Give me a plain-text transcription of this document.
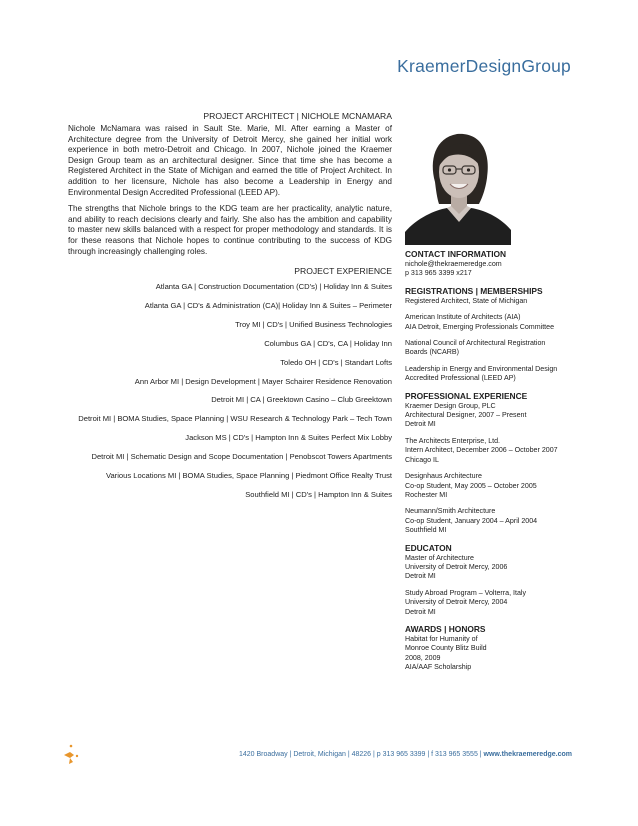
KraemerDesignGroup
PROJECT ARCHITECT | NICHOLE MCNAMARA

Nichole McNamara was raised in Sault Ste. Marie, MI. After earning a Master of Architecture degree from the University of Detroit Mercy, she gained her initial work experience in both metro-Detroit and Chicago. In 2007, Nichole joined the Kraemer Design Group team as an architectural designer. Since that time she has become a Registered Architect in the State of Michigan and earned the title of Project Architect. In addition to her licensure, Nichole has also become a Leadership in Energy and Environmental Design Accredited Professional (LEED AP).

The strengths that Nichole brings to the KDG team are her practicality, analytic nature, and ability to reach decisions clearly and fairly. She also has the ambition and capability to master new skills balanced with a respect for proper methodology and standards. It is for these reasons that Nichole hopes to continue contributing to the success of KDG through increasingly challenging roles.

PROJECT EXPERIENCE
Atlanta GA | Construction Documentation (CD's) | Holiday Inn & Suites
Atlanta GA | CD's & Administration (CA)| Holiday Inn & Suites – Perimeter
Troy MI | CD's | Unified Business Technologies
Columbus GA | CD's, CA | Holiday Inn
Toledo OH | CD's | Standart Lofts
Ann Arbor MI | Design Development | Mayer Schairer Residence Renovation
Detroit MI | CA | Greektown Casino – Club Greektown
Detroit MI | BOMA Studies, Space Planning | WSU Research & Technology Park – Tech Town
Jackson MS | CD's | Hampton Inn & Suites Perfect Mix Lobby
Detroit MI | Schematic Design and Scope Documentation | Penobscot Towers Apartments
Various Locations MI | BOMA Studies, Space Planning | Piedmont Office Realty Trust
Southfield MI | CD's | Hampton Inn & Suites

CONTACT INFORMATION

nichole@thekraemeredge.com

p 313 965 3399 x217

REGISTRATIONS | MEMBERSHIPS

Registered Architect, State of Michigan

American Institute of Architects (AIA)

AIA Detroit, Emerging Professionals Committee

National Council of Architectural Registration

Boards (NCARB)

Leadership in Energy and Environmental Design

Accredited Professional (LEED AP)

PROFESSIONAL EXPERIENCE

Kraemer Design Group, PLC

Architectural Designer, 2007 – Present

Detroit MI

The Architects Enterprise, Ltd.

Intern Architect, December 2006 – October 2007

Chicago IL

Designhaus Architecture

Co-op Student, May 2005 – October 2005

Rochester MI

Neumann/Smith Architecture

Co-op Student, January 2004 – April 2004

Southfield MI

EDUCATON

Master of Architecture

University of Detroit Mercy, 2006

Detroit MI

Study Abroad Program – Volterra, Italy

University of Detroit Mercy, 2004

Detroit MI

AWARDS | HONORS

Habitat for Humanity of

Monroe County Blitz Build

2008, 2009

AIA/AAF Scholarship

1420 Broadway | Detroit, Michigan | 48226 | p 313 965 3399 | f 313 965 3555 | www.thekraemeredge.com
